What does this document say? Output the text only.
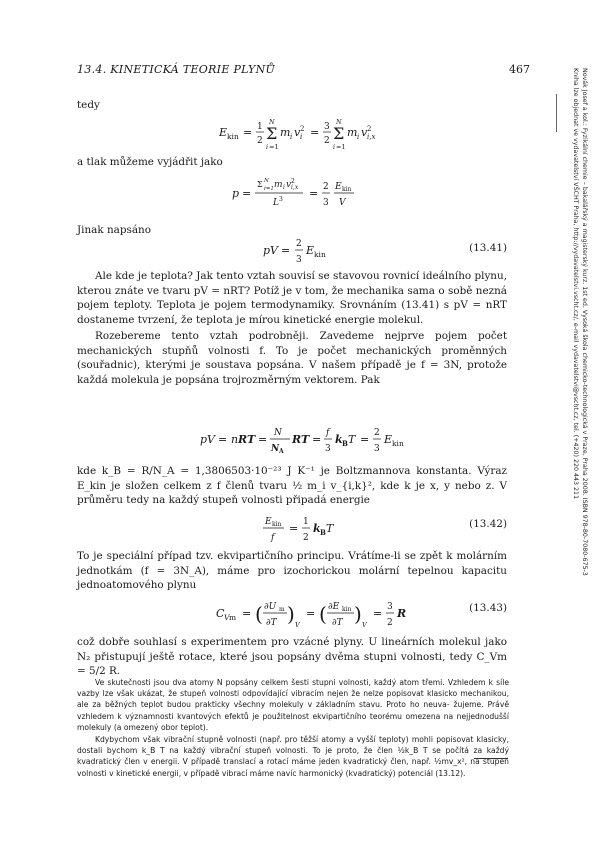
13.4. KINETICKÁ TEORIE PLYNŮ	467
tedy
E kin = 1
2 Σ
N
i =1
m i v i
2 = 3
2 Σ
N
i =1
m i v i,x
2
a tlak můžeme vyjádřit jako
p =
Σ N
i=1 m i v i,x
2
L 3 = 2
3
E kin
V
Jinak napsáno
pV = 2
3
E kin
(13.41)
Ale kde je teplota? Jak tento vztah souvisí se stavovou rovnicí ideálního plynu, kterou znáte ve tvaru pV = nRT? Potíž je v tom, že mechanika sama o sobě nezná pojem teploty. Teplota je pojem termodynamiky. Srovnáním (13.41) s pV = nRT dostaneme tvrzení, že teplota je mírou kinetické energie molekul.
Rozebereme tento vztah podrobněji. Zavedeme nejprve pojem počet mechanických stupňů volnosti f. To je počet mechanických proměnných (souřadnic), kterými je soustava popsána. V našem případě je f = 3N, protože každá molekula je popsána trojrozměrným vektorem. Pak
pV = n RT = N
N A
RT = f
3
k B T = 2
3
E kin
kde k_B = R/N_A = 1,3806503·10⁻²³ J K⁻¹ je Boltzmannova konstanta. Výraz E_kin je složen celkem z f členů tvaru ½ m_i v_{i,k}², kde k je x, y nebo z. V průměru tedy na každý stupeň volnosti připadá energie
E kin
f
= 1
2
k B T	(13.42)
To je speciální případ tzv. ekvipartičního principu. Vrátíme-li se zpět k molárním jednotkám (f = 3N_A), máme pro izochorickou molární tepelnou kapacitu jednoatomového plynu
C V m = ( ∂U m
∂T ) V
= ( ∂E kin
∂T ) V
= 3
2
R	(13.43)
což dobře souhlasí s experimentem pro vzácné plyny. U lineárních molekul jako N₂ přistupují ještě rotace, které jsou popsány dvěma stupni volnosti, tedy C_Vm = 5/2 R.
Ve skutečnosti jsou dva atomy N popsány celkem šesti stupni volnosti, každý atom třemi. Vzhledem k síle vazby lze však ukázat, že stupeň volnosti odpovídající vibracím nejen že nelze popisovat klasicko mechanikou, ale za běžných teplot budou prakticky všechny molekuly v základním stavu. Proto ho neuva- žujeme. Právě vzhledem k významnosti kvantových efektů je použitelnost ekvipartičního teorému omezena na nejjednodušší molekuly (a omezený obor teplot).
Kdybychom však vibrační stupně volnosti (např. pro těžší atomy a vyšší teploty) mohli popisovat klasicky, dostali bychom k_B T na každý vibrační stupeň volnosti. To je proto, že člen ½k_B T se počítá za každý kvadratický člen v energii. V případě translací a rotací máme jeden kvadratický člen, např. ½mv_x², na stupeň volnosti v kinetické energii, v případě vibrací máme navíc harmonický (kvadratický) potenciál (13.12).
Novák Josef a kol.: Fyzikální chemie – bakalářský a magisterský kurz. 1st ed. Vysoká škola chemicko-technologická v Praze, Praha 2008. ISBN 978-80-7080-675-3
Kniha lze objednat ve vydavatelství VŠCHT Praha, http://vydavatelstvi.vscht.cz/, e-mail vydavatelstvi@vscht.cz, tel. (+420) 220 443 211
